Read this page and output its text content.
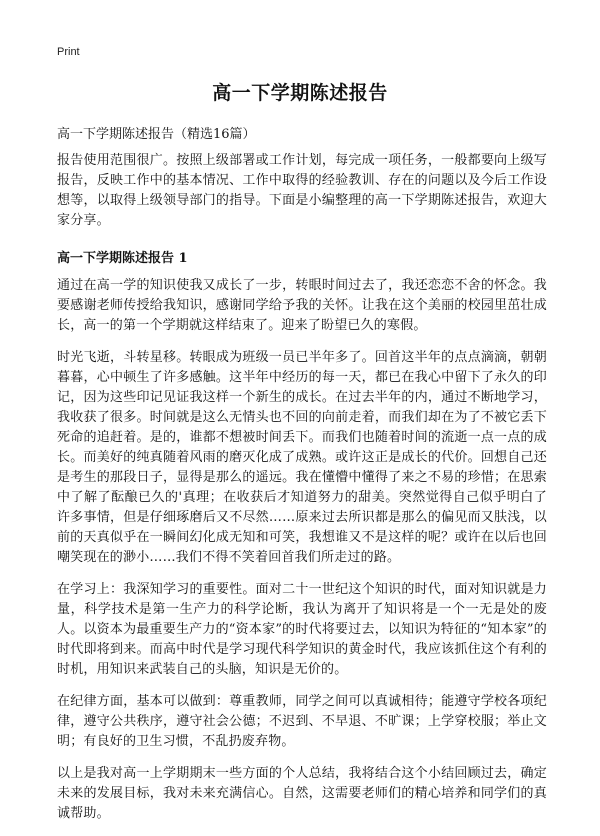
Print
高一下学期陈述报告
高一下学期陈述报告（精选16篇）

报告使用范围很广。按照上级部署或工作计划，每完成一项任务，一般都要向上级写报告，反映工作中的基本情况、工作中取得的经验教训、存在的问题以及今后工作设想等，以取得上级领导部门的指导。下面是小编整理的高一下学期陈述报告，欢迎大家分享。

高一下学期陈述报告 1

通过在高一学的知识使我又成长了一步，转眼时间过去了，我还恋恋不舍的怀念。我要感谢老师传授给我知识，感谢同学给予我的关怀。让我在这个美丽的校园里茁壮成长，高一的第一个学期就这样结束了。迎来了盼望已久的寒假。

时光飞逝，斗转星移。转眼成为班级一员已半年多了。回首这半年的点点滴滴，朝朝暮暮，心中顿生了许多感触。这半年中经历的每一天，都已在我心中留下了永久的印记，因为这些印记见证我这样一个新生的成长。在过去半年的内，通过不断地学习，我收获了很多。时间就是这么无情头也不回的向前走着，而我们却在为了不被它丢下死命的追赶着。是的，谁都不想被时间丢下。而我们也随着时间的流逝一点一点的成长。而美好的纯真随着风雨的磨灭化成了成熟。或许这正是成长的代价。回想自己还是考生的那段日子，显得是那么的遥远。我在懂懵中懂得了来之不易的珍惜；在思索中了解了酝酿已久的'真理；在收获后才知道努力的甜美。突然觉得自己似乎明白了许多事情，但是仔细琢磨后又不尽然……原来过去所识都是那么的偏见而又肤浅，以前的天真似乎在一瞬间幻化成无知和可笑，我想谁又不是这样的呢？或许在以后也回嘲笑现在的渺小……我们不得不笑着回首我们所走过的路。

在学习上：我深知学习的重要性。面对二十一世纪这个知识的时代，面对知识就是力量，科学技术是第一生产力的科学论断，我认为离开了知识将是一个一无是处的废人。以资本为最重要生产力的“资本家”的时代将要过去，以知识为特征的“知本家”的时代即将到来。而高中时代是学习现代科学知识的黄金时代，我应该抓住这个有利的时机，用知识来武装自己的头脑，知识是无价的。

在纪律方面，基本可以做到：尊重教师，同学之间可以真诚相待；能遵守学校各项纪律，遵守公共秩序，遵守社会公德；不迟到、不早退、不旷课；上学穿校服；举止文明；有良好的卫生习惯，不乱扔废弃物。

以上是我对高一上学期期末一些方面的个人总结，我将结合这个小结回顾过去，确定未来的发展目标，我对未来充满信心。自然，这需要老师们的精心培养和同学们的真诚帮助。
